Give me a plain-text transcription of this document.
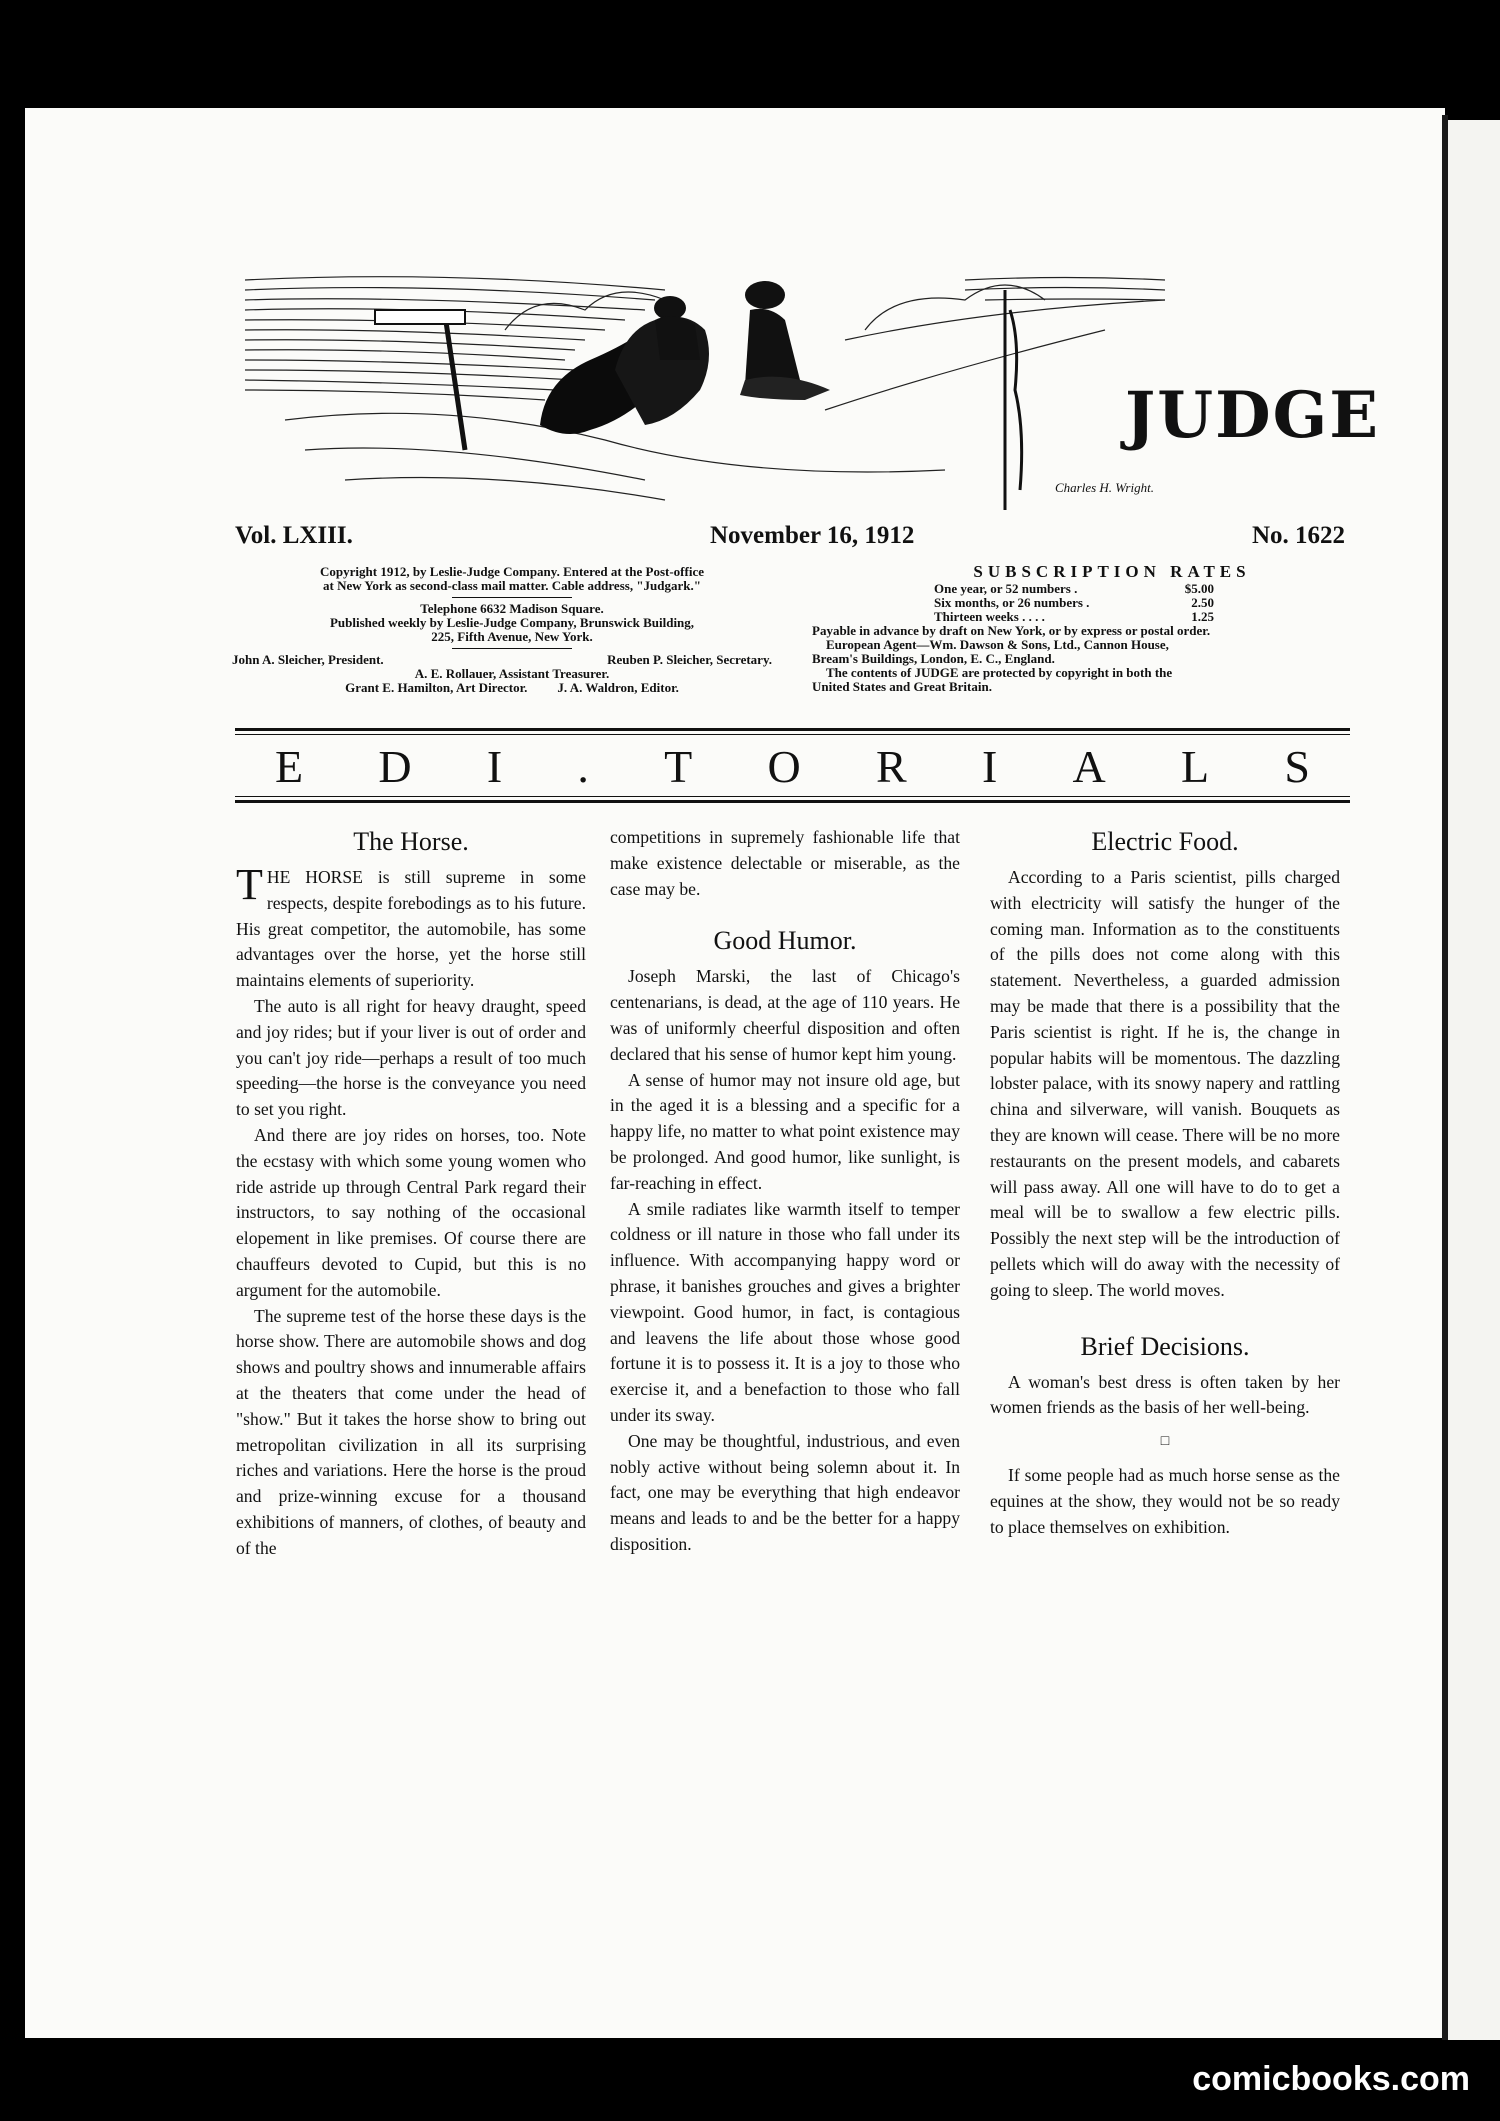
JUDGE
Charles H. Wright.
Vol. LXIII.	November 16, 1912	No. 1622

Copyright 1912, by Leslie-Judge Company. Entered at the Post-office

at New York as second-class mail matter. Cable address, "Judgark."

Telephone 6632 Madison Square.

Published weekly by Leslie-Judge Company, Brunswick Building,

225, Fifth Avenue, New York.

John A. Sleicher, President.	Reuben P. Sleicher, Secretary.

A. E. Rollauer, Assistant Treasurer.

Grant E. Hamilton, Art Director. J. A. Waldron, Editor.

SUBSCRIPTION RATES
One year, or 52 numbers .	$5.00
Six months, or 26 numbers .	2.50
Thirteen weeks . . . .	1.25
Payable in advance by draft on New York, or by express or postal order.
European Agent—Wm. Dawson & Sons, Ltd., Cannon House,
Bream's Buildings, London, E. C., England.
The contents of JUDGE are protected by copyright in both the
United States and Great Britain.
E D I . T O R I A L S
The Horse.

THE HORSE is still supreme in some respects, despite forebodings as to his future. His great competitor, the automobile, has some advantages over the horse, yet the horse still maintains elements of superiority.

The auto is all right for heavy draught, speed and joy rides; but if your liver is out of order and you can't joy ride—perhaps a result of too much speeding—the horse is the conveyance you need to set you right.

And there are joy rides on horses, too. Note the ecstasy with which some young women who ride astride up through Central Park regard their instructors, to say nothing of the occasional elopement in like premises. Of course there are chauffeurs devoted to Cupid, but this is no argument for the automobile.

The supreme test of the horse these days is the horse show. There are automobile shows and dog shows and poultry shows and innumerable affairs at the theaters that come under the head of "show." But it takes the horse show to bring out metropolitan civilization in all its surprising riches and variations. Here the horse is the proud and prize-winning excuse for a thousand exhibitions of manners, of clothes, of beauty and of the

competitions in supremely fashionable life that make existence delectable or miserable, as the case may be.

Good Humor.

Joseph Marski, the last of Chicago's centenarians, is dead, at the age of 110 years. He was of uniformly cheerful disposition and often declared that his sense of humor kept him young.

A sense of humor may not insure old age, but in the aged it is a blessing and a specific for a happy life, no matter to what point existence may be prolonged. And good humor, like sunlight, is far-reaching in effect.

A smile radiates like warmth itself to temper coldness or ill nature in those who fall under its influence. With accompanying happy word or phrase, it banishes grouches and gives a brighter viewpoint. Good humor, in fact, is contagious and leavens the life about those whose good fortune it is to possess it. It is a joy to those who exercise it, and a benefaction to those who fall under its sway.

One may be thoughtful, industrious, and even nobly active without being solemn about it. In fact, one may be everything that high endeavor means and leads to and be the better for a happy disposition.

Electric Food.

According to a Paris scientist, pills charged with electricity will satisfy the hunger of the coming man. Information as to the constituents of the pills does not come along with this statement. Nevertheless, a guarded admission may be made that there is a possibility that the Paris scientist is right. If he is, the change in popular habits will be momentous. The dazzling lobster palace, with its snowy napery and rattling china and silverware, will vanish. Bouquets as they are known will cease. There will be no more restaurants on the present models, and cabarets will pass away. All one will have to do to get a meal will be to swallow a few electric pills. Possibly the next step will be the introduction of pellets which will do away with the necessity of going to sleep. The world moves.

Brief Decisions.

A woman's best dress is often taken by her women friends as the basis of her well-being.

□

If some people had as much horse sense as the equines at the show, they would not be so ready to place themselves on exhibition.

comicbooks.com
